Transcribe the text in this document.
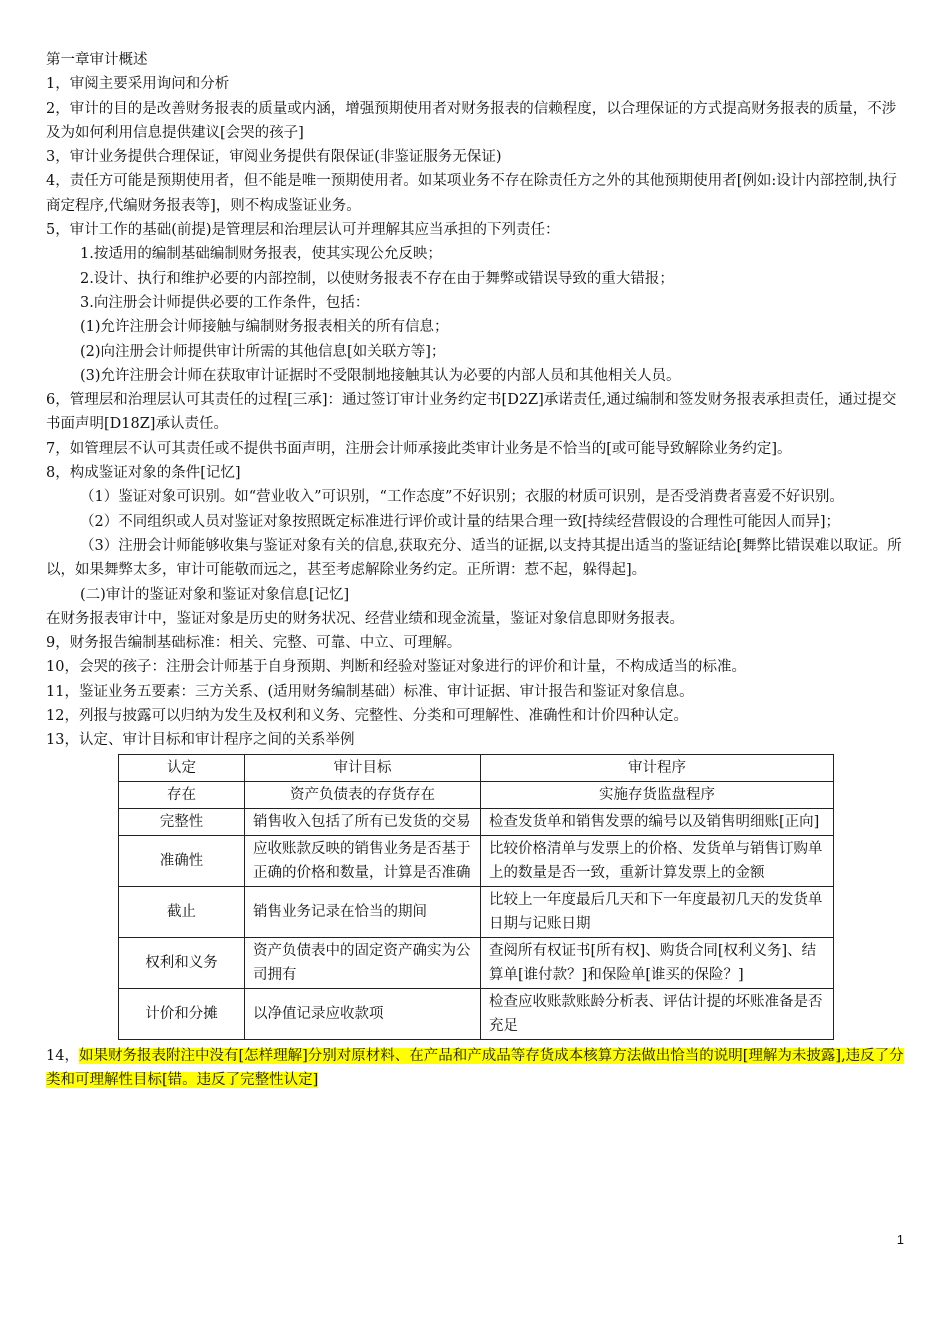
第一章审计概述
1，审阅主要采用询问和分析
2，审计的目的是改善财务报表的质量或内涵，增强预期使用者对财务报表的信赖程度，以合理保证的方式提高财务报表的质量，不涉及为如何利用信息提供建议[会哭的孩子]
3，审计业务提供合理保证，审阅业务提供有限保证(非鉴证服务无保证)
4，责任方可能是预期使用者，但不能是唯一预期使用者。如某项业务不存在除责任方之外的其他预期使用者[例如:设计内部控制,执行商定程序,代编财务报表等]，则不构成鉴证业务。
5，审计工作的基础(前提)是管理层和治理层认可并理解其应当承担的下列责任：
1.按适用的编制基础编制财务报表，使其实现公允反映；
2.设计、执行和维护必要的内部控制，以使财务报表不存在由于舞弊或错误导致的重大错报；
3.向注册会计师提供必要的工作条件，包括：
(1)允许注册会计师接触与编制财务报表相关的所有信息；
(2)向注册会计师提供审计所需的其他信息[如关联方等]；
(3)允许注册会计师在获取审计证据时不受限制地接触其认为必要的内部人员和其他相关人员。
6，管理层和治理层认可其责任的过程[三承]：通过签订审计业务约定书[D2Z]承诺责任,通过编制和签发财务报表承担责任，通过提交书面声明[D18Z]承认责任。
7，如管理层不认可其责任或不提供书面声明，注册会计师承接此类审计业务是不恰当的[或可能导致解除业务约定]。
8，构成鉴证对象的条件[记忆]
（1）鉴证对象可识别。如“营业收入”可识别，“工作态度”不好识别；衣服的材质可识别，是否受消费者喜爱不好识别。
（2）不同组织或人员对鉴证对象按照既定标准进行评价或计量的结果合理一致[持续经营假设的合理性可能因人而异]；
（3）注册会计师能够收集与鉴证对象有关的信息,获取充分、适当的证据,以支持其提出适当的鉴证结论[舞弊比错误难以取证。所以，如果舞弊太多，审计可能敬而远之，甚至考虑解除业务约定。正所谓：惹不起，躲得起]。
(二)审计的鉴证对象和鉴证对象信息[记忆]
在财务报表审计中，鉴证对象是历史的财务状况、经营业绩和现金流量，鉴证对象信息即财务报表。
9，财务报告编制基础标准：相关、完整、可靠、中立、可理解。
10，会哭的孩子：注册会计师基于自身预期、判断和经验对鉴证对象进行的评价和计量，不构成适当的标准。
11，鉴证业务五要素：三方关系、(适用财务编制基础）标准、审计证据、审计报告和鉴证对象信息。
12，列报与披露可以归纳为发生及权利和义务、完整性、分类和可理解性、准确性和计价四种认定。
13，认定、审计目标和审计程序之间的关系举例
认定	审计目标	审计程序
存在	资产负债表的存货存在	实施存货监盘程序
完整性	销售收入包括了所有已发货的交易	检查发货单和销售发票的编号以及销售明细账[正向]
准确性	应收账款反映的销售业务是否基于正确的价格和数量，计算是否准确	比较价格清单与发票上的价格、发货单与销售订购单上的数量是否一致，重新计算发票上的金额
截止	销售业务记录在恰当的期间	比较上一年度最后几天和下一年度最初几天的发货单日期与记账日期
权利和义务	资产负债表中的固定资产确实为公司拥有	查阅所有权证书[所有权]、购货合同[权利义务]、结算单[谁付款？]和保险单[谁买的保险？]
计价和分摊	以净值记录应收款项	检查应收账款账龄分析表、评估计提的坏账准备是否充足
14，如果财务报表附注中没有[怎样理解]分别对原材料、在产品和产成品等存货成本核算方法做出恰当的说明[理解为未披露],违反了分类和可理解性目标[错。违反了完整性认定]
1
